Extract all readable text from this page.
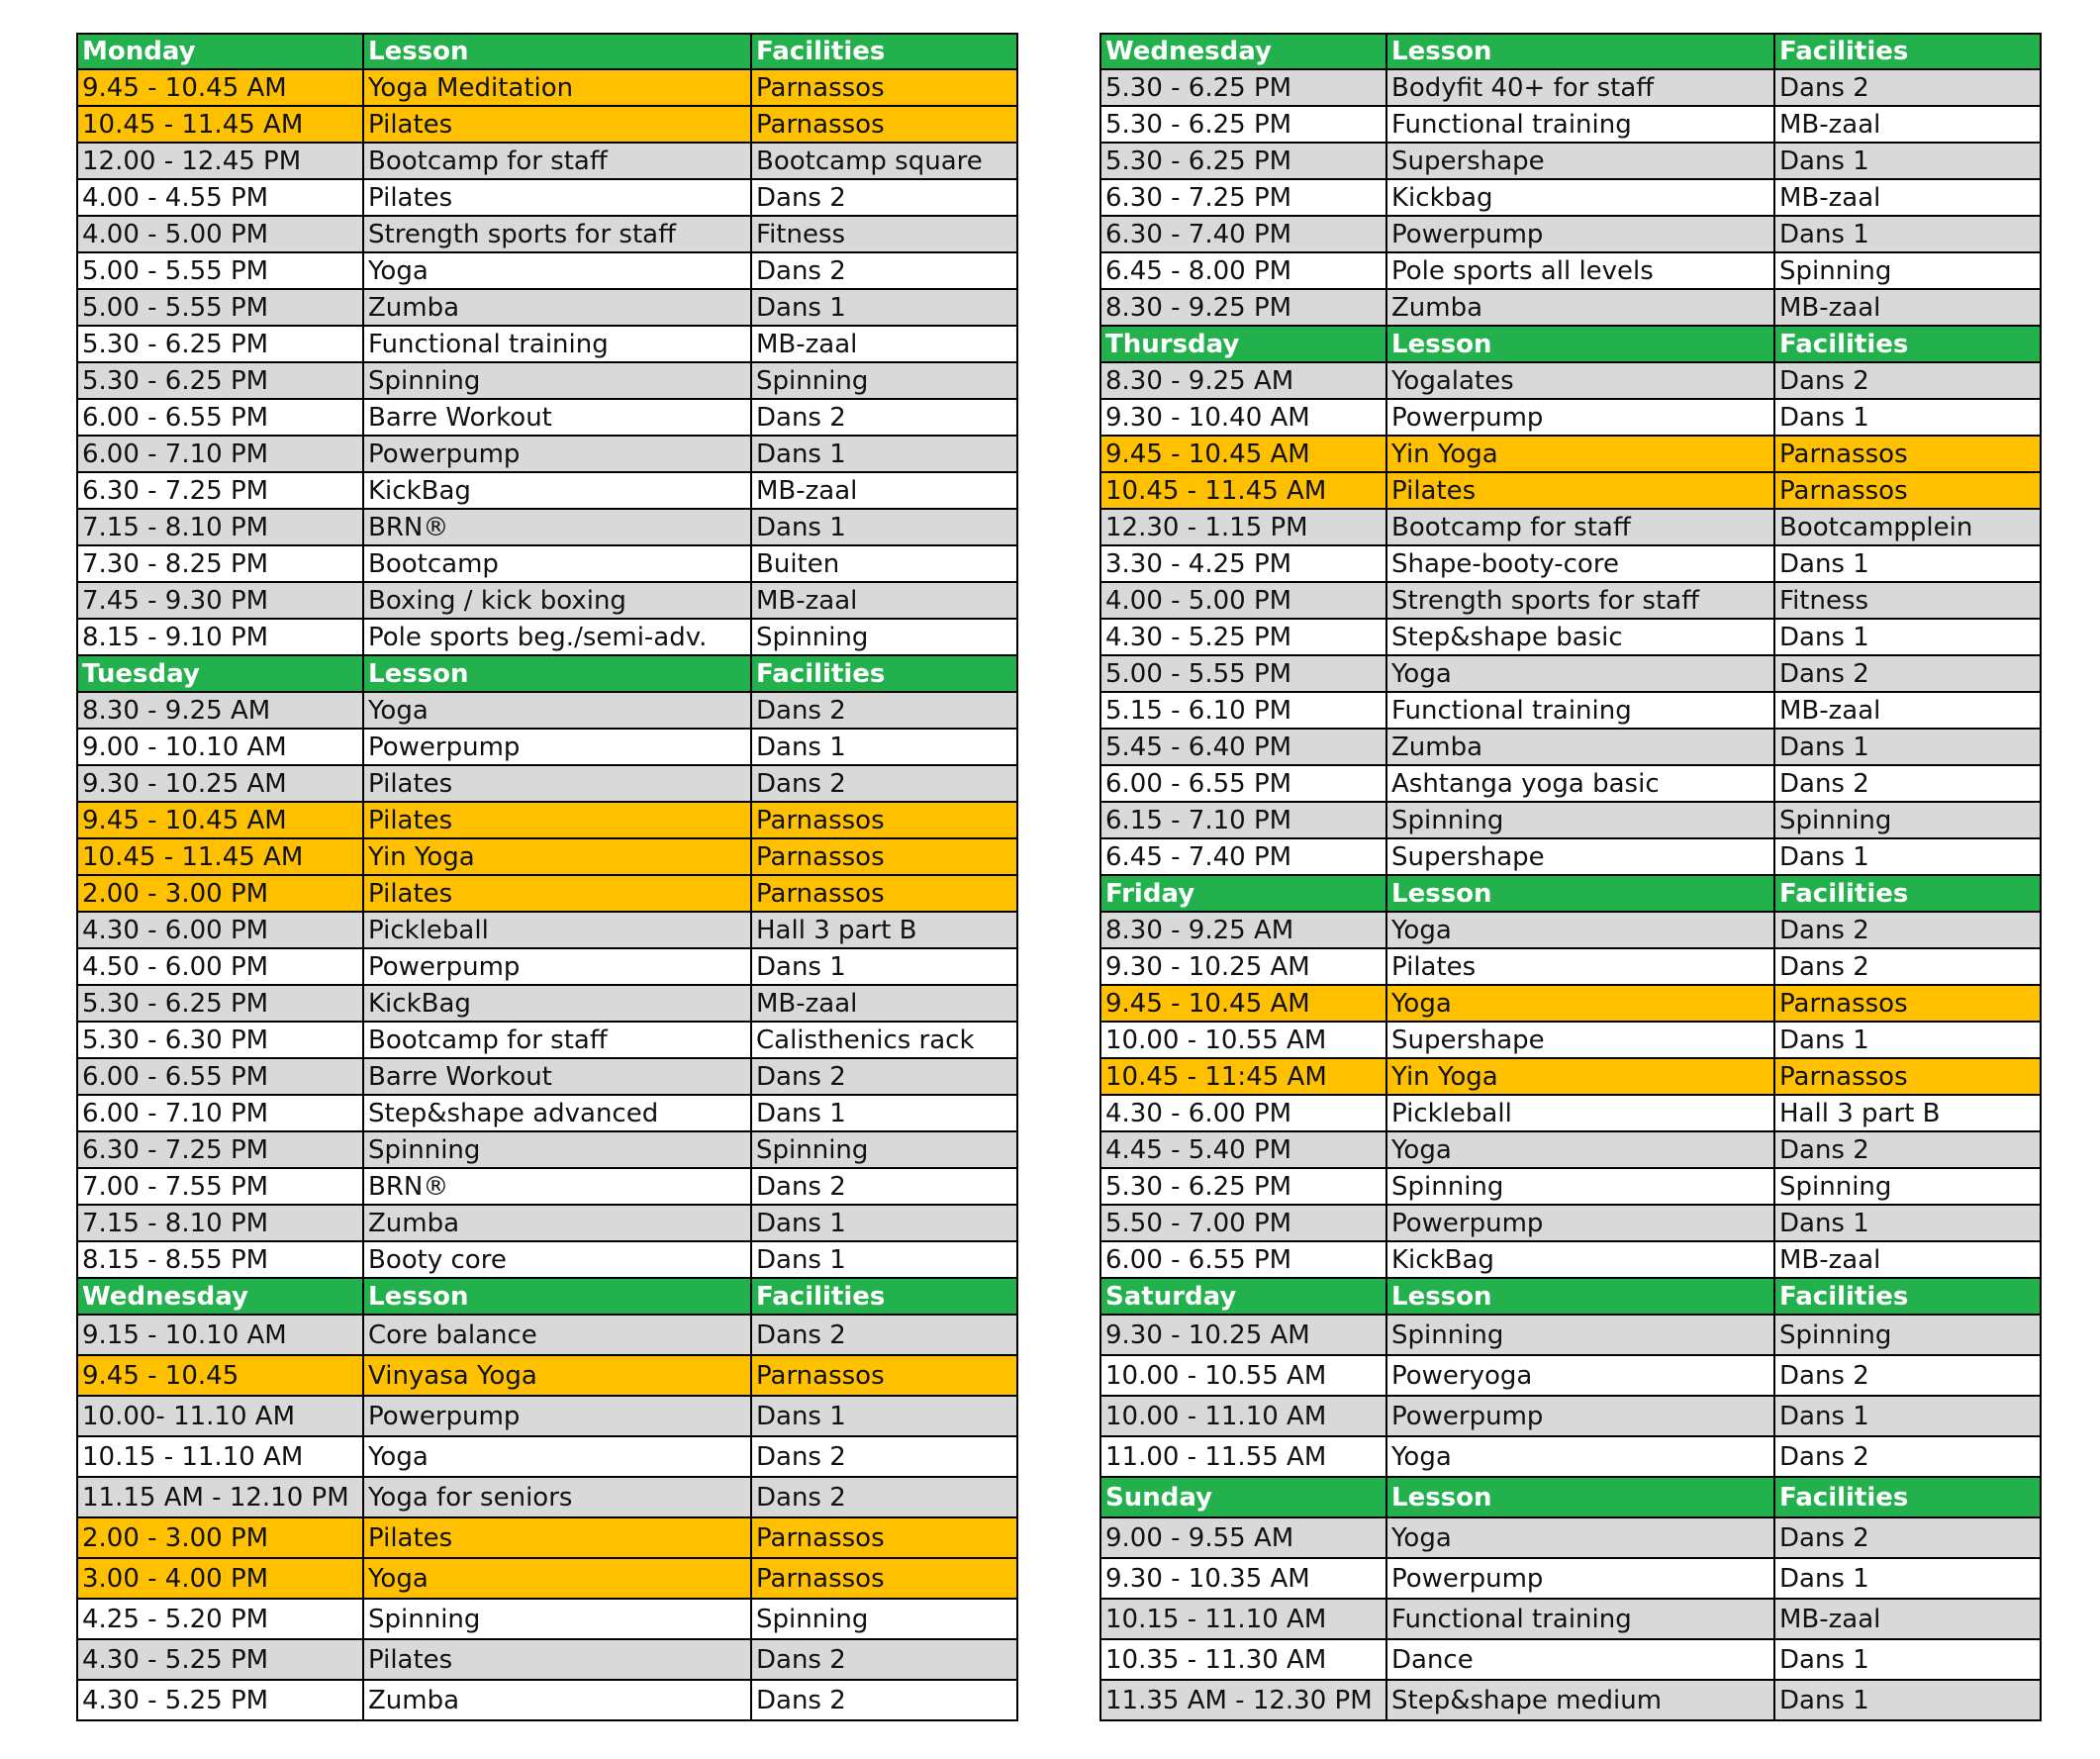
Monday	Lesson	Facilities
9.45 - 10.45 AM	Yoga Meditation	Parnassos
10.45 - 11.45 AM	Pilates	Parnassos
12.00 - 12.45 PM	Bootcamp for staff	Bootcamp square
4.00 - 4.55 PM	Pilates	Dans 2
4.00 - 5.00 PM	Strength sports for staff	Fitness
5.00 - 5.55 PM	Yoga	Dans 2
5.00 - 5.55 PM	Zumba	Dans 1
5.30 - 6.25 PM	Functional training	MB-zaal
5.30 - 6.25 PM	Spinning	Spinning
6.00 - 6.55 PM	Barre Workout	Dans 2
6.00 - 7.10 PM	Powerpump	Dans 1
6.30 - 7.25 PM	KickBag	MB-zaal
7.15 - 8.10 PM	BRN®	Dans 1
7.30 - 8.25 PM	Bootcamp	Buiten
7.45 - 9.30 PM	Boxing / kick boxing	MB-zaal
8.15 - 9.10 PM	Pole sports beg./semi-adv.	Spinning
Tuesday	Lesson	Facilities
8.30 - 9.25 AM	Yoga	Dans 2
9.00 - 10.10 AM	Powerpump	Dans 1
9.30 - 10.25 AM	Pilates	Dans 2
9.45 - 10.45 AM	Pilates	Parnassos
10.45 - 11.45 AM	Yin Yoga	Parnassos
2.00 - 3.00 PM	Pilates	Parnassos
4.30 - 6.00 PM	Pickleball	Hall 3 part B
4.50 - 6.00 PM	Powerpump	Dans 1
5.30 - 6.25 PM	KickBag	MB-zaal
5.30 - 6.30 PM	Bootcamp for staff	Calisthenics rack
6.00 - 6.55 PM	Barre Workout	Dans 2
6.00 - 7.10 PM	Step&shape advanced	Dans 1
6.30 - 7.25 PM	Spinning	Spinning
7.00 - 7.55 PM	BRN®	Dans 2
7.15 - 8.10 PM	Zumba	Dans 1
8.15 - 8.55 PM	Booty core	Dans 1
Wednesday	Lesson	Facilities
9.15 - 10.10 AM	Core balance	Dans 2
9.45 - 10.45	Vinyasa Yoga	Parnassos
10.00- 11.10 AM	Powerpump	Dans 1
10.15 - 11.10 AM	Yoga	Dans 2
11.15 AM - 12.10 PM	Yoga for seniors	Dans 2
2.00 - 3.00 PM	Pilates	Parnassos
3.00 - 4.00 PM	Yoga	Parnassos
4.25 - 5.20 PM	Spinning	Spinning
4.30 - 5.25 PM	Pilates	Dans 2
4.30 - 5.25 PM	Zumba	Dans 2
Wednesday	Lesson	Facilities
5.30 - 6.25 PM	Bodyfit 40+ for staff	Dans 2
5.30 - 6.25 PM	Functional training	MB-zaal
5.30 - 6.25 PM	Supershape	Dans 1
6.30 - 7.25 PM	Kickbag	MB-zaal
6.30 - 7.40 PM	Powerpump	Dans 1
6.45 - 8.00 PM	Pole sports all levels	Spinning
8.30 - 9.25 PM	Zumba	MB-zaal
Thursday	Lesson	Facilities
8.30 - 9.25 AM	Yogalates	Dans 2
9.30 - 10.40 AM	Powerpump	Dans 1
9.45 - 10.45 AM	Yin Yoga	Parnassos
10.45 - 11.45 AM	Pilates	Parnassos
12.30 - 1.15 PM	Bootcamp for staff	Bootcampplein
3.30 - 4.25 PM	Shape-booty-core	Dans 1
4.00 - 5.00 PM	Strength sports for staff	Fitness
4.30 - 5.25 PM	Step&shape basic	Dans 1
5.00 - 5.55 PM	Yoga	Dans 2
5.15 - 6.10 PM	Functional training	MB-zaal
5.45 - 6.40 PM	Zumba	Dans 1
6.00 - 6.55 PM	Ashtanga yoga basic	Dans 2
6.15 - 7.10 PM	Spinning	Spinning
6.45 - 7.40 PM	Supershape	Dans 1
Friday	Lesson	Facilities
8.30 - 9.25 AM	Yoga	Dans 2
9.30 - 10.25 AM	Pilates	Dans 2
9.45 - 10.45 AM	Yoga	Parnassos
10.00 - 10.55 AM	Supershape	Dans 1
10.45 - 11:45 AM	Yin Yoga	Parnassos
4.30 - 6.00 PM	Pickleball	Hall 3 part B
4.45 - 5.40 PM	Yoga	Dans 2
5.30 - 6.25 PM	Spinning	Spinning
5.50 - 7.00 PM	Powerpump	Dans 1
6.00 - 6.55 PM	KickBag	MB-zaal
Saturday	Lesson	Facilities
9.30 - 10.25 AM	Spinning	Spinning
10.00 - 10.55 AM	Poweryoga	Dans 2
10.00 - 11.10 AM	Powerpump	Dans 1
11.00 - 11.55 AM	Yoga	Dans 2
Sunday	Lesson	Facilities
9.00 - 9.55 AM	Yoga	Dans 2
9.30 - 10.35 AM	Powerpump	Dans 1
10.15 - 11.10 AM	Functional training	MB-zaal
10.35 - 11.30 AM	Dance	Dans 1
11.35 AM - 12.30 PM	Step&shape medium	Dans 1
